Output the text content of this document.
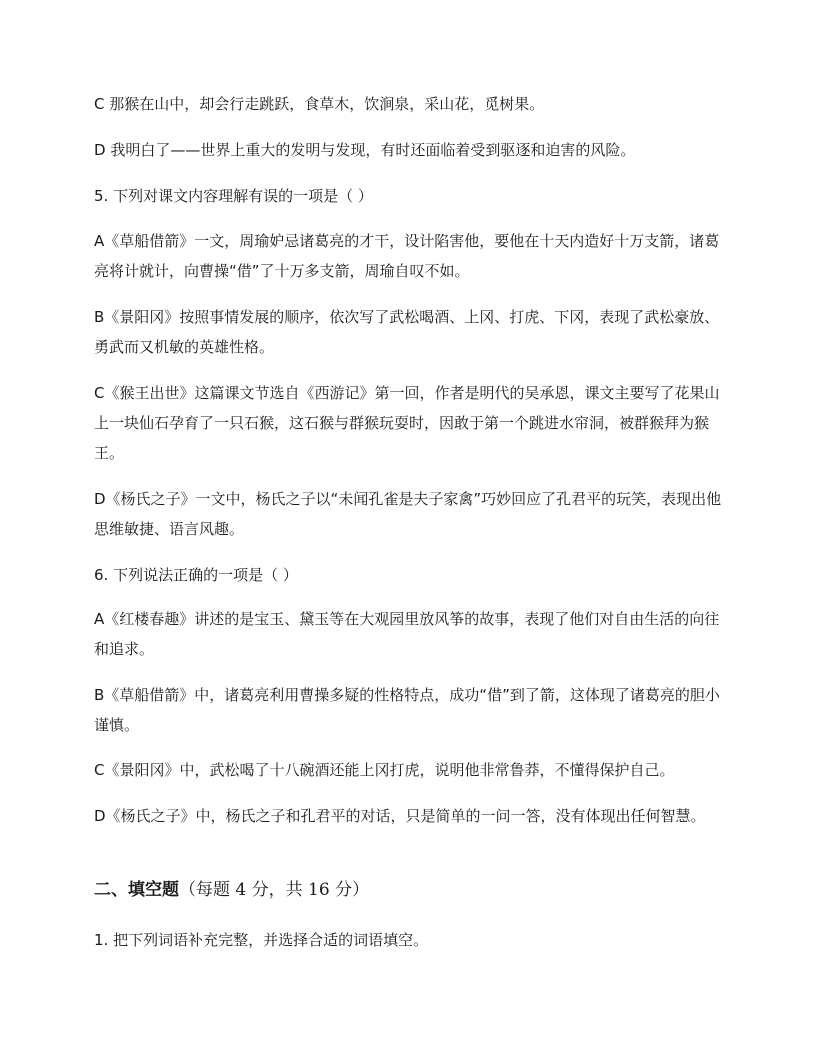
C 那猴在山中，却会行走跳跃，食草木，饮涧泉，采山花，觅树果。

D 我明白了——世界上重大的发明与发现，有时还面临着受到驱逐和迫害的风险。

5. 下列对课文内容理解有误的一项是（ ）

A《草船借箭》一文，周瑜妒忌诸葛亮的才干，设计陷害他，要他在十天内造好十万支箭，诸葛亮将计就计，向曹操“借”了十万多支箭，周瑜自叹不如。

B《景阳冈》按照事情发展的顺序，依次写了武松喝酒、上冈、打虎、下冈，表现了武松豪放、勇武而又机敏的英雄性格。

C《猴王出世》这篇课文节选自《西游记》第一回，作者是明代的吴承恩，课文主要写了花果山上一块仙石孕育了一只石猴，这石猴与群猴玩耍时，因敢于第一个跳进水帘洞，被群猴拜为猴王。

D《杨氏之子》一文中，杨氏之子以“未闻孔雀是夫子家禽”巧妙回应了孔君平的玩笑，表现出他思维敏捷、语言风趣。

6. 下列说法正确的一项是（ ）

A《红楼春趣》讲述的是宝玉、黛玉等在大观园里放风筝的故事，表现了他们对自由生活的向往和追求。

B《草船借箭》中，诸葛亮利用曹操多疑的性格特点，成功“借”到了箭，这体现了诸葛亮的胆小谨慎。

C《景阳冈》中，武松喝了十八碗酒还能上冈打虎，说明他非常鲁莽，不懂得保护自己。

D《杨氏之子》中，杨氏之子和孔君平的对话，只是简单的一问一答，没有体现出任何智慧。

二、填空题（每题 4 分，共 16 分）

1. 把下列词语补充完整，并选择合适的词语填空。
